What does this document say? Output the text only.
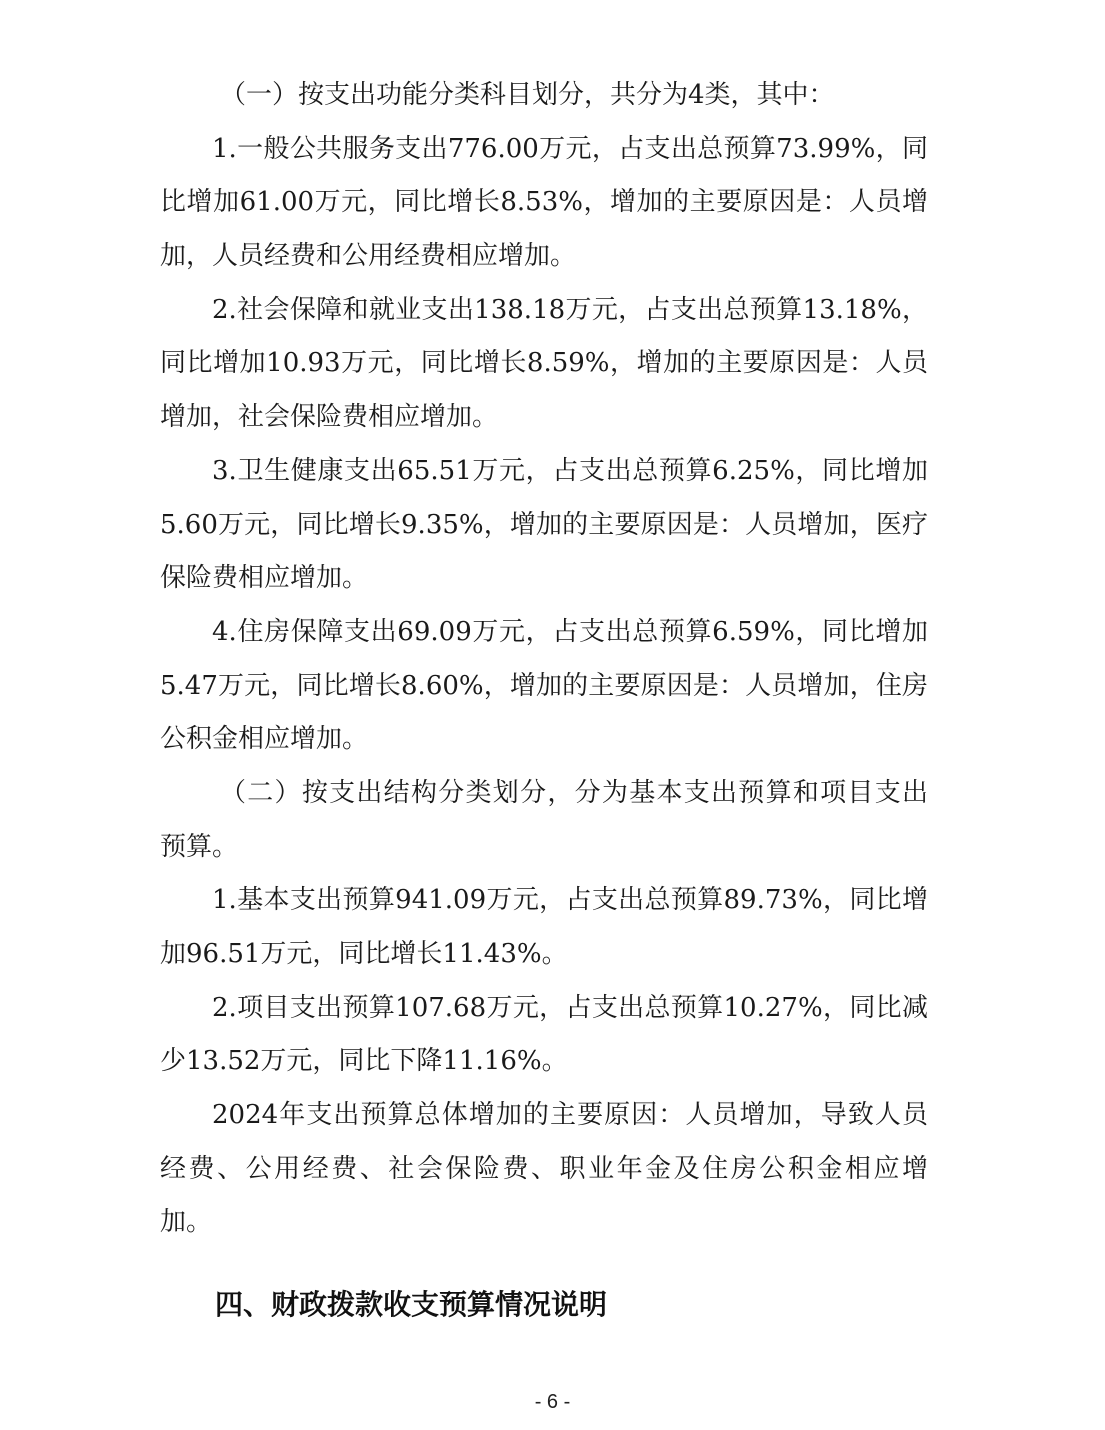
（一）按支出功能分类科目划分，共分为4类，其中：
1.一般公共服务支出776.00万元，占支出总预算73.99%，同
比增加61.00万元，同比增长8.53%，增加的主要原因是：人员增
加，人员经费和公用经费相应增加。
2.社会保障和就业支出138.18万元，占支出总预算13.18%，
同比增加10.93万元，同比增长8.59%，增加的主要原因是：人员
增加，社会保险费相应增加。
3.卫生健康支出65.51万元，占支出总预算6.25%，同比增加
5.60万元，同比增长9.35%，增加的主要原因是：人员增加，医疗
保险费相应增加。
4.住房保障支出69.09万元，占支出总预算6.59%，同比增加
5.47万元，同比增长8.60%，增加的主要原因是：人员增加，住房
公积金相应增加。
（二）按支出结构分类划分，分为基本支出预算和项目支出
预算。
1.基本支出预算941.09万元，占支出总预算89.73%，同比增
加96.51万元，同比增长11.43%。
2.项目支出预算107.68万元，占支出总预算10.27%，同比减
少13.52万元，同比下降11.16%。
2024年支出预算总体增加的主要原因：人员增加，导致人员
经费、公用经费、社会保险费、职业年金及住房公积金相应增
加。
四、财政拨款收支预算情况说明
- 6 -
